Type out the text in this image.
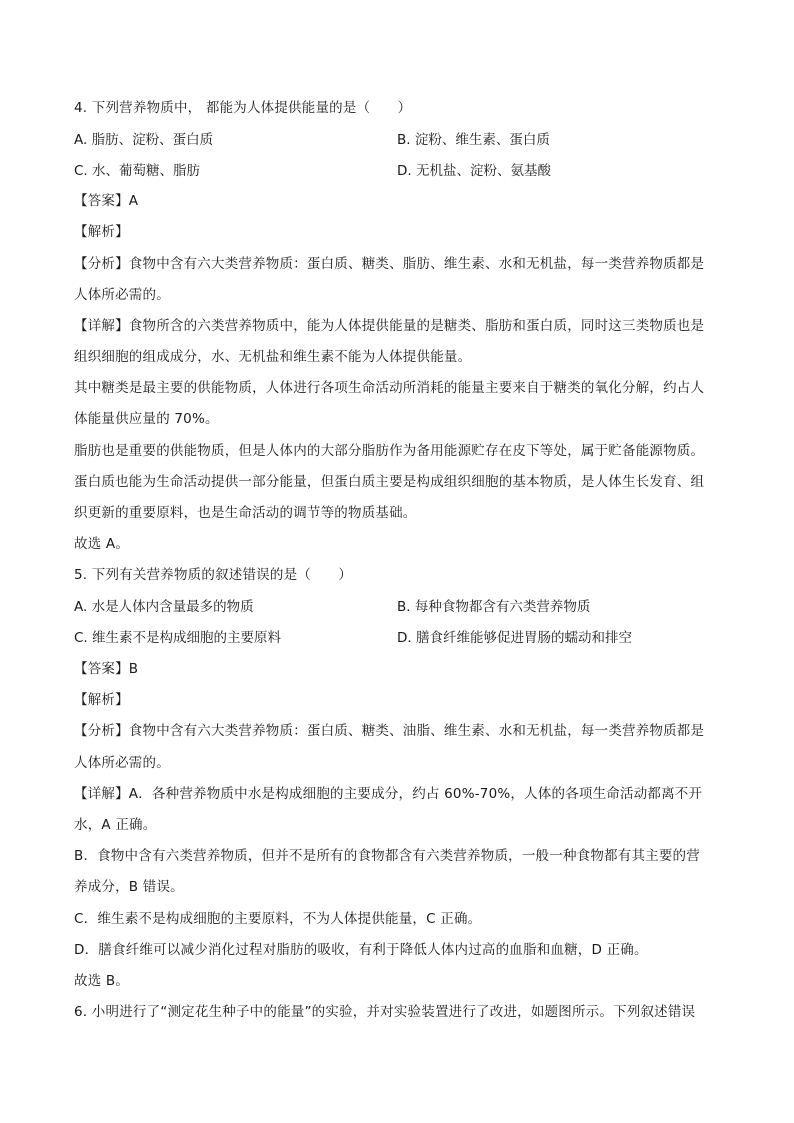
4. 下列营养物质中， 都能为人体提供能量的是（　　）
A. 脂肪、淀粉、蛋白质	B. 淀粉、维生素、蛋白质
C. 水、葡萄糖、脂肪	D. 无机盐、淀粉、氨基酸
【答案】A
【解析】
【分析】食物中含有六大类营养物质：蛋白质、糖类、脂肪、维生素、水和无机盐，每一类营养物质都是
人体所必需的。
【详解】食物所含的六类营养物质中，能为人体提供能量的是糖类、脂肪和蛋白质，同时这三类物质也是
组织细胞的组成成分，水、无机盐和维生素不能为人体提供能量。
其中糖类是最主要的供能物质，人体进行各项生命活动所消耗的能量主要来自于糖类的氧化分解，约占人
体能量供应量的 70%。
脂肪也是重要的供能物质，但是人体内的大部分脂肪作为备用能源贮存在皮下等处，属于贮备能源物质。
蛋白质也能为生命活动提供一部分能量，但蛋白质主要是构成组织细胞的基本物质，是人体生长发育、组
织更新的重要原料，也是生命活动的调节等的物质基础。
故选 A。
5. 下列有关营养物质的叙述错误的是（　　）
A. 水是人体内含量最多的物质	B. 每种食物都含有六类营养物质
C. 维生素不是构成细胞的主要原料	D. 膳食纤维能够促进胃肠的蠕动和排空
【答案】B
【解析】
【分析】食物中含有六大类营养物质：蛋白质、糖类、油脂、维生素、水和无机盐，每一类营养物质都是
人体所必需的。
【详解】A．各种营养物质中水是构成细胞的主要成分，约占 60%-70%，人体的各项生命活动都离不开
水，A 正确。
B．食物中含有六类营养物质，但并不是所有的食物都含有六类营养物质，一般一种食物都有其主要的营
养成分，B 错误。
C．维生素不是构成细胞的主要原料，不为人体提供能量，C 正确。
D．膳食纤维可以减少消化过程对脂肪的吸收，有利于降低人体内过高的血脂和血糖，D 正确。
故选 B。
6. 小明进行了“测定花生种子中的能量”的实验，并对实验装置进行了改进，如题图所示。下列叙述错误
